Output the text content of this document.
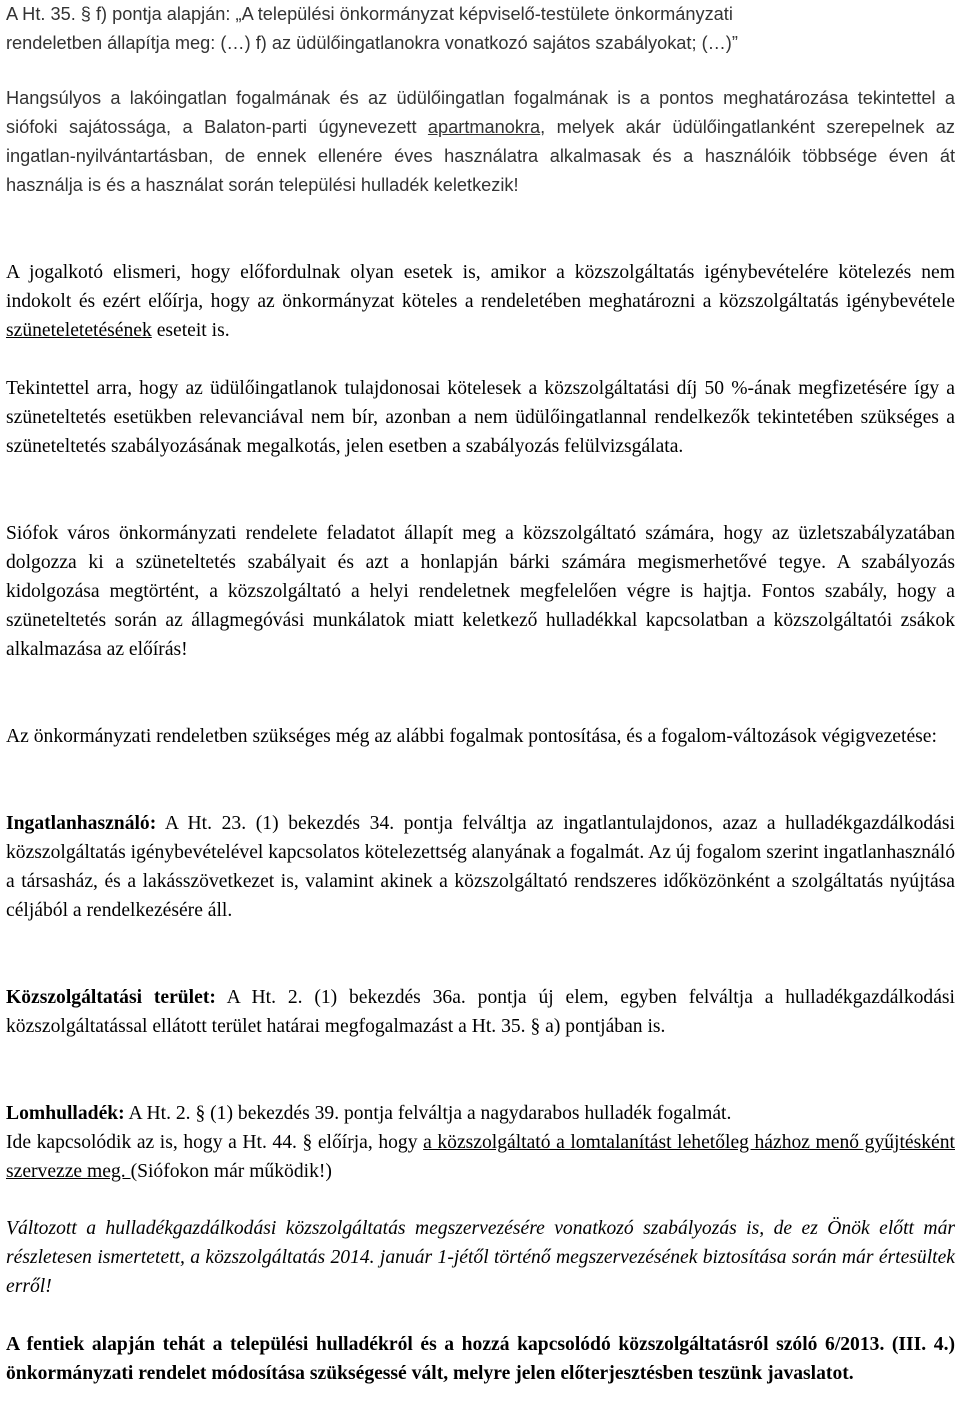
A Ht. 35. § f) pontja alapján: „A települési önkormányzat képviselő-testülete önkormányzati
rendeletben állapítja meg: (…) f) az üdülőingatlanokra vonatkozó sajátos szabályokat; (…)”

Hangsúlyos a lakóingatlan fogalmának és az üdülőingatlan fogalmának is a pontos meghatározása tekintettel a siófoki sajátossága, a Balaton-parti úgynevezett apartmanokra, melyek akár üdülőingatlanként szerepelnek az ingatlan-nyilvántartásban, de ennek ellenére éves használatra alkalmasak és a használóik többsége éven át használja is és a használat során települési hulladék keletkezik!

A jogalkotó elismeri, hogy előfordulnak olyan esetek is, amikor a közszolgáltatás igénybevételére kötelezés nem indokolt és ezért előírja, hogy az önkormányzat köteles a rendeletében meghatározni a közszolgáltatás igénybevétele szüneteletetésének eseteit is.

Tekintettel arra, hogy az üdülőingatlanok tulajdonosai kötelesek a közszolgáltatási díj 50 %-ának megfizetésére így a szüneteltetés esetükben relevanciával nem bír, azonban a nem üdülőingatlannal rendelkezők tekintetében szükséges a szüneteltetés szabályozásának megalkotás, jelen esetben a szabályozás felülvizsgálata.

Siófok város önkormányzati rendelete feladatot állapít meg a közszolgáltató számára, hogy az üzletszabályzatában dolgozza ki a szüneteltetés szabályait és azt a honlapján bárki számára megismerhetővé tegye. A szabályozás kidolgozása megtörtént, a közszolgáltató a helyi rendeletnek megfelelően végre is hajtja. Fontos szabály, hogy a szüneteltetés során az állagmegóvási munkálatok miatt keletkező hulladékkal kapcsolatban a közszolgáltatói zsákok alkalmazása az előírás!

Az önkormányzati rendeletben szükséges még az alábbi fogalmak pontosítása, és a fogalom-változások végigvezetése:

Ingatlanhasználó: A Ht. 23. (1) bekezdés 34. pontja felváltja az ingatlantulajdonos, azaz a hulladékgazdálkodási közszolgáltatás igénybevételével kapcsolatos kötelezettség alanyának a fogalmát. Az új fogalom szerint ingatlanhasználó a társasház, és a lakásszövetkezet is, valamint akinek a közszolgáltató rendszeres időközönként a szolgáltatás nyújtása céljából a rendelkezésére áll.

Közszolgáltatási terület: A Ht. 2. (1) bekezdés 36a. pontja új elem, egyben felváltja a hulladékgazdálkodási közszolgáltatással ellátott terület határai megfogalmazást a Ht. 35. § a) pontjában is.

Lomhulladék: A Ht. 2. § (1) bekezdés 39. pontja felváltja a nagydarabos hulladék fogalmát.

Ide kapcsolódik az is, hogy a Ht. 44. § előírja, hogy a közszolgáltató a lomtalanítást lehetőleg házhoz menő gyűjtésként szervezze meg. (Siófokon már működik!)

Változott a hulladékgazdálkodási közszolgáltatás megszervezésére vonatkozó szabályozás is, de ez Önök előtt már részletesen ismertetett, a közszolgáltatás 2014. január 1-jétől történő megszervezésének biztosítása során már értesültek erről!

A fentiek alapján tehát a települési hulladékról és a hozzá kapcsolódó közszolgáltatásról szóló 6/2013. (III. 4.) önkormányzati rendelet módosítása szükségessé vált, melyre jelen előterjesztésben teszünk javaslatot.
